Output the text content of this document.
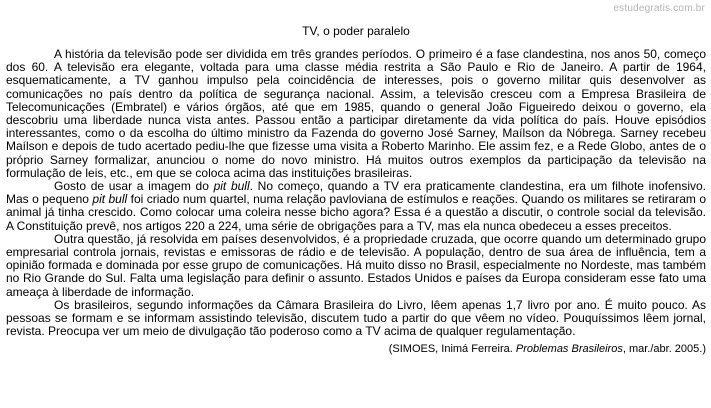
estudegratis.com.br
TV, o poder paralelo

A história da televisão pode ser dividida em três grandes períodos. O primeiro é a fase clandestina, nos anos 50, começo dos 60. A televisão era elegante, voltada para uma classe média restrita a São Paulo e Rio de Janeiro. A partir de 1964, esquematicamente, a TV ganhou impulso pela coincidência de interesses, pois o governo militar quis desenvolver as comunicações no país dentro da política de segurança nacional. Assim, a televisão cresceu com a Empresa Brasileira de Telecomunicações (Embratel) e vários órgãos, até que em 1985, quando o general João Figueiredo deixou o governo, ela descobriu uma liberdade nunca vista antes. Passou então a participar diretamente da vida política do país. Houve episódios interessantes, como o da escolha do último ministro da Fazenda do governo José Sarney, Maílson da Nóbrega. Sarney recebeu Maílson e depois de tudo acertado pediu-lhe que fizesse uma visita a Roberto Marinho. Ele assim fez, e a Rede Globo, antes de o próprio Sarney formalizar, anunciou o nome do novo ministro. Há muitos outros exemplos da participação da televisão na formulação de leis, etc., em que se coloca acima das instituições brasileiras.

Gosto de usar a imagem do pit bull. No começo, quando a TV era praticamente clandestina, era um filhote inofensivo. Mas o pequeno pit bull foi criado num quartel, numa relação pavloviana de estímulos e reações. Quando os militares se retiraram o animal já tinha crescido. Como colocar uma coleira nesse bicho agora? Essa é a questão a discutir, o controle social da televisão. A Constituição prevê, nos artigos 220 a 224, uma série de obrigações para a TV, mas ela nunca obedeceu a esses preceitos.

Outra questão, já resolvida em países desenvolvidos, é a propriedade cruzada, que ocorre quando um determinado grupo empresarial controla jornais, revistas e emissoras de rádio e de televisão. A população, dentro de sua área de influência, tem a opinião formada e dominada por esse grupo de comunicações. Há muito disso no Brasil, especialmente no Nordeste, mas também no Rio Grande do Sul. Falta uma legislação para definir o assunto. Estados Unidos e países da Europa consideram esse fato uma ameaça à liberdade de informação.

Os brasileiros, segundo informações da Câmara Brasileira do Livro, lêem apenas 1,7 livro por ano. É muito pouco. As pessoas se formam e se informam assistindo televisão, discutem tudo a partir do que vêem no vídeo. Pouquíssimos lêem jornal, revista. Preocupa ver um meio de divulgação tão poderoso como a TV acima de qualquer regulamentação.

(SIMOES, Inimá Ferreira. Problemas Brasileiros, mar./abr. 2005.)
